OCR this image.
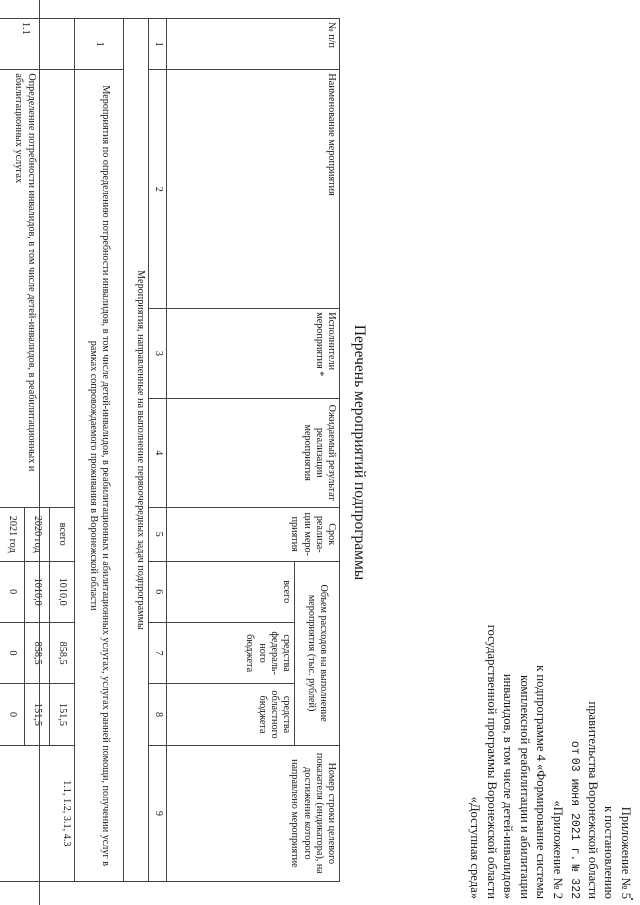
Приложение № 5
к постановлению
правительства Воронежской области
от 03 июня 2021 г. № 322
«Приложение № 2
к подпрограмме 4 «Формирование системы
комплексной реабилитации и абилитации
инвалидов, в том числе детей-инвалидов»
государственной программы Воронежской области
«Доступная среда»
Перечень мероприятий подпрограммы
№ п/п	Наименование мероприятия	Исполнители мероприятия *	Ожидаемый результат реализации мероприятия	Срок реализа-ции меро-приятия	Объем расходов на выполнение мероприятия (тыс. рублей)			Номер строки целевого показателя (индикатора), на достижение которого направлено мероприятие
					всего	средства федераль-ного бюджета	средства областного бюджета	
1	2	3	4	5	6	7	8	9
Мероприятия, направленные на выполнение первоочередных задач подпрограммы								
1	Мероприятия по определению потребности инвалидов, в том числе детей-инвалидов, в реабилитационных и абилитационных услугах, услугах ранней помощи, получении услуг в рамках сопровождаемого проживания в Воронежской области							
1.1	Определение потребности инвалидов, в том числе детей-инвалидов, в реабилитационных и абилитационных услугах			всего	1010,0	858,5	151,5	1.1, 1.2, 3.1, 4.3
				2020 год	1010,0	858,5	151,5	
				2021 год	0	0	0	
